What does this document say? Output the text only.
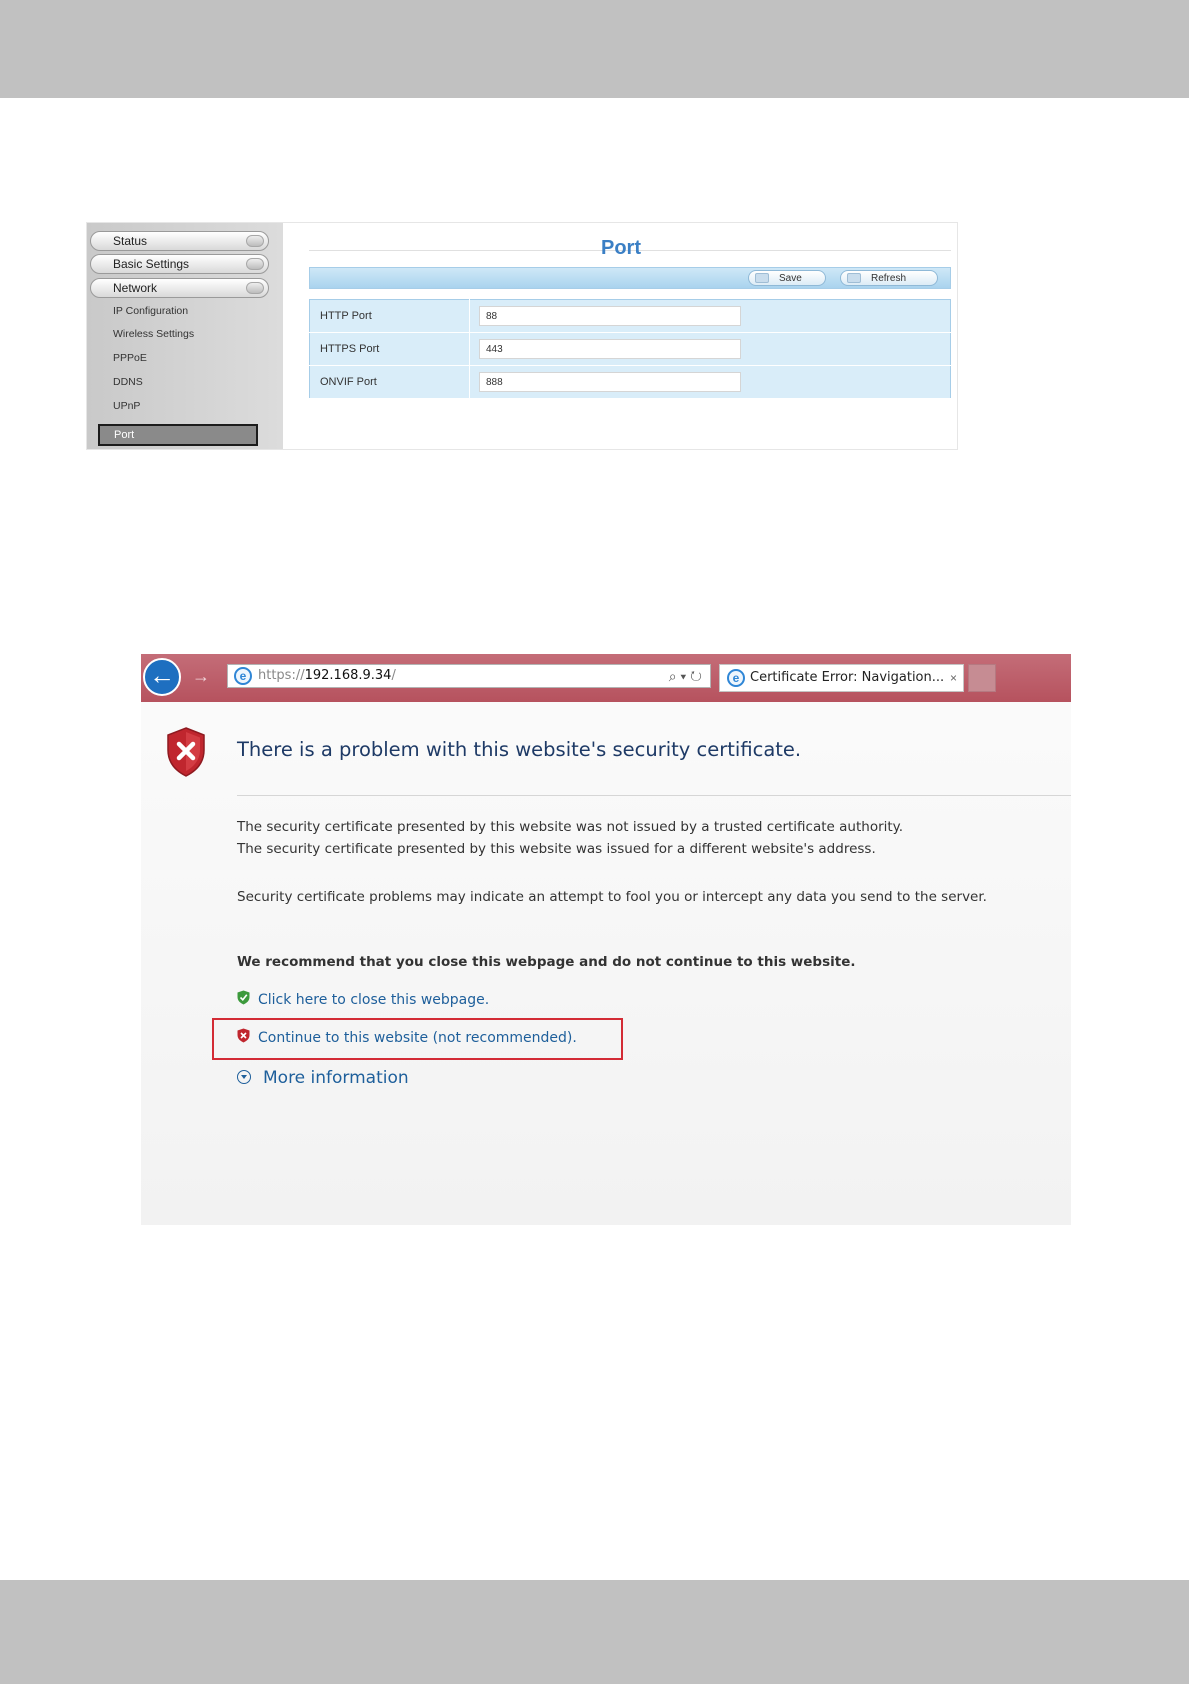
Status
Basic Settings
Network
IP Configuration
Wireless Settings
PPPoE
DDNS
UPnP
Port
Port
Save	Refresh
HTTP Port	88
HTTPS Port	443
ONVIF Port	888
← →	e https://192.168.9.34/	⌕ ▾ ↻	e Certificate Error: Navigation... ×
There is a problem with this website's security certificate.
The security certificate presented by this website was not issued by a trusted certificate authority.
The security certificate presented by this website was issued for a different website's address.
Security certificate problems may indicate an attempt to fool you or intercept any data you send to the server.
We recommend that you close this webpage and do not continue to this website.
Click here to close this webpage.
Continue to this website (not recommended).
More information
